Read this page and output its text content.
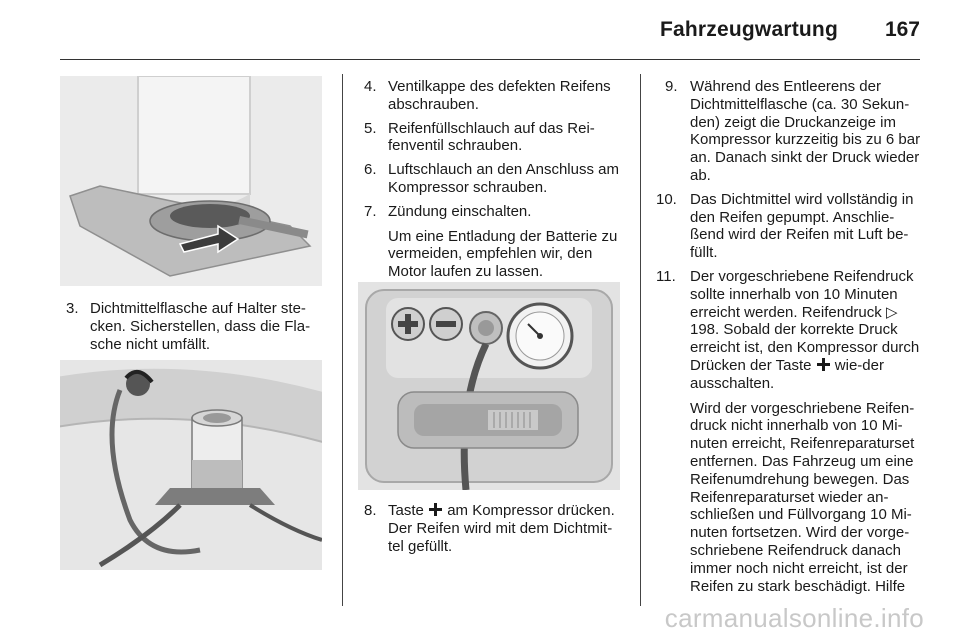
Fahrzeugwartung 167
3. Dichtmittelflasche auf Halter ste-cken. Sicherstellen, dass die Fla-sche nicht umfällt.
4. Ventilkappe des defekten Reifens abschrauben.
5. Reifenfüllschlauch auf das Rei-fenventil schrauben.
6. Luftschlauch an den Anschluss am Kompressor schrauben.
7. Zündung einschalten.
Um eine Entladung der Batterie zu vermeiden, empfehlen wir, den Motor laufen zu lassen.
8. Taste am Kompressor drücken. Der Reifen wird mit dem Dichtmit-tel gefüllt.
9. Während des Entleerens der Dichtmittelflasche (ca. 30 Sekun-den) zeigt die Druckanzeige im Kompressor kurzzeitig bis zu 6 bar an. Danach sinkt der Druck wieder ab.
10. Das Dichtmittel wird vollständig in den Reifen gepumpt. Anschlie-ßend wird der Reifen mit Luft be-füllt.
11. Der vorgeschriebene Reifendruck sollte innerhalb von 10 Minuten erreicht werden. Reifendruck ▷ 198. Sobald der korrekte Druck erreicht ist, den Kompressor durch Drücken der Taste wie-der ausschalten.
Wird der vorgeschriebene Reifen-druck nicht innerhalb von 10 Mi-nuten erreicht, Reifenreparaturset entfernen. Das Fahrzeug um eine Reifenumdrehung bewegen. Das Reifenreparaturset wieder an-schließen und Füllvorgang 10 Mi-nuten fortsetzen. Wird der vorge-schriebene Reifendruck danach immer noch nicht erreicht, ist der Reifen zu stark beschädigt. Hilfe
carmanualsonline.info
